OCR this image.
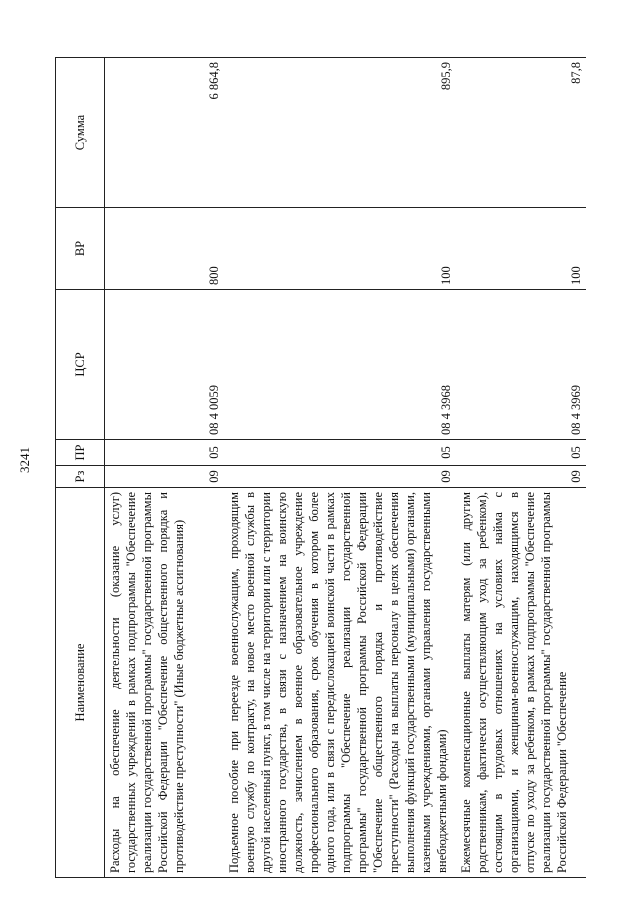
3241
Наименование	Рз	ПР	ЦСР	ВР	Сумма
Расходы на обеспечение деятельности (оказание услуг) государственных учреждений в рамках подпрограммы "Обеспечение реализации государственной программы" государственной программы Российской Федерации "Обеспечение общественного порядка и противодействие преступности" (Иные бюджетные ассигнования)	09	05	08 4 0059	800	6 864,8
Подъемное пособие при переезде военнослужащим, проходящим военную службу по контракту, на новое место военной службы в другой населенный пункт, в том числе на территории или с территории иностранного государства, в связи с назначением на воинскую должность, зачислением в военное образовательное учреждение профессионального образования, срок обучения в котором более одного года, или в связи с передислокацией воинской части в рамках подпрограммы "Обеспечение реализации государственной программы" государственной программы Российской Федерации "Обеспечение общественного порядка и противодействие преступности" (Расходы на выплаты персоналу в целях обеспечения выполнения функций государственными (муниципальными) органами, казенными учреждениями, органами управления государственными внебюджетными фондами)	09	05	08 4 3968	100	895,9
Ежемесячные компенсационные выплаты матерям (или другим родственникам, фактически осуществляющим уход за ребенком), состоящим в трудовых отношениях на условиях найма с организациями, и женщинам-военнослужащим, находящимся в отпуске по уходу за ребенком, в рамках подпрограммы "Обеспечение реализации государственной программы" государственной программы Российской Федерации "Обеспечение	09	05	08 4 3969	100	87,8
